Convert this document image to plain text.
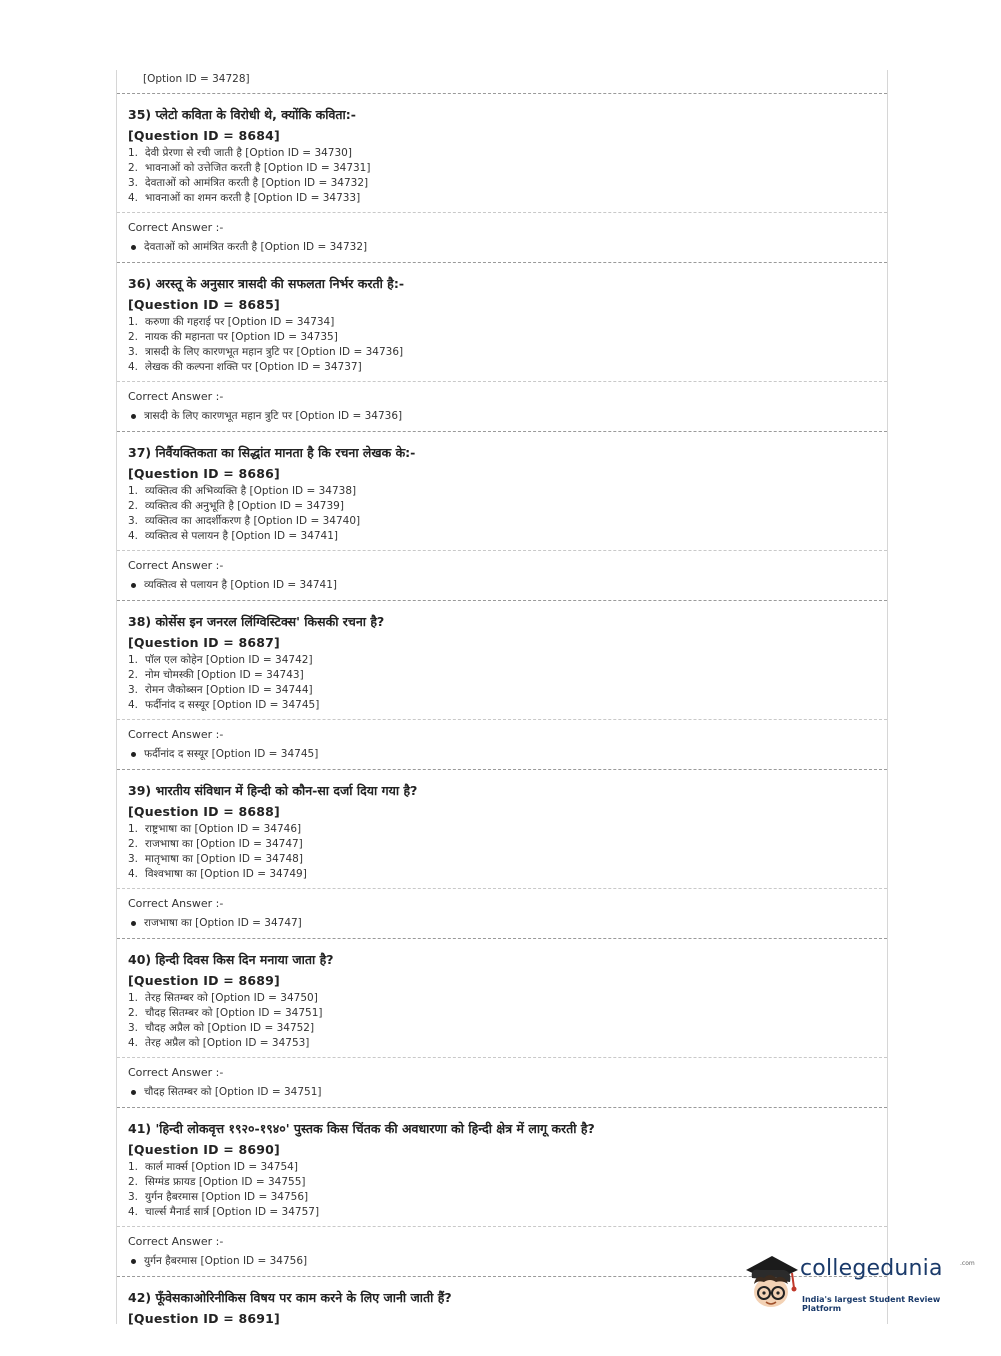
[Option ID = 34728]
35) प्लेटो कविता के विरोधी थे, क्योंकि कविता:-
[Question ID = 8684]
1. देवी प्रेरणा से रची जाती है [Option ID = 34730]
2. भावनाओं को उत्तेजित करती है [Option ID = 34731]
3. देवताओं को आमंत्रित करती है [Option ID = 34732]
4. भावनाओं का शमन करती है [Option ID = 34733]
Correct Answer :-
देवताओं को आमंत्रित करती है [Option ID = 34732]
36) अरस्तू के अनुसार त्रासदी की सफलता निर्भर करती है:-
[Question ID = 8685]
1. करुणा की गहराई पर [Option ID = 34734]
2. नायक की महानता पर [Option ID = 34735]
3. त्रासदी के लिए कारणभूत महान त्रुटि पर [Option ID = 34736]
4. लेखक की कल्पना शक्ति पर [Option ID = 34737]
Correct Answer :-
त्रासदी के लिए कारणभूत महान त्रुटि पर [Option ID = 34736]
37) निर्वैयक्तिकता का सिद्धांत मानता है कि रचना लेखक के:-
[Question ID = 8686]
1. व्यक्तित्व की अभिव्यक्ति है [Option ID = 34738]
2. व्यक्तित्व की अनुभूति है [Option ID = 34739]
3. व्यक्तित्व का आदर्शीकरण है [Option ID = 34740]
4. व्यक्तित्व से पलायन है [Option ID = 34741]
Correct Answer :-
व्यक्तित्व से पलायन है [Option ID = 34741]
38) कोर्सेस इन जनरल लिंग्विस्टिक्स' किसकी रचना है?
[Question ID = 8687]
1. पॉल एल कोहेन [Option ID = 34742]
2. नोम चोमस्की [Option ID = 34743]
3. रोमन जैकोब्सन [Option ID = 34744]
4. फर्दीनांद द सस्यूर [Option ID = 34745]
Correct Answer :-
फर्दीनांद द सस्यूर [Option ID = 34745]
39) भारतीय संविधान में हिन्दी को कौन-सा दर्जा दिया गया है?
[Question ID = 8688]
1. राष्ट्रभाषा का [Option ID = 34746]
2. राजभाषा का [Option ID = 34747]
3. मातृभाषा का [Option ID = 34748]
4. विश्वभाषा का [Option ID = 34749]
Correct Answer :-
राजभाषा का [Option ID = 34747]
40) हिन्दी दिवस किस दिन मनाया जाता है?
[Question ID = 8689]
1. तेरह सितम्बर को [Option ID = 34750]
2. चौदह सितम्बर को [Option ID = 34751]
3. चौदह अप्रैल को [Option ID = 34752]
4. तेरह अप्रैल को [Option ID = 34753]
Correct Answer :-
चौदह सितम्बर को [Option ID = 34751]
41) 'हिन्दी लोकवृत्त १९२०-१९४०' पुस्तक किस चिंतक की अवधारणा को हिन्दी क्षेत्र में लागू करती है?
[Question ID = 8690]
1. कार्ल मार्क्स [Option ID = 34754]
2. सिग्मंड फ्रायड [Option ID = 34755]
3. युर्गन हैबरमास [Option ID = 34756]
4. चार्ल्स मैनार्ड सार्त्र [Option ID = 34757]
Correct Answer :-
युर्गन हैबरमास [Option ID = 34756]
42) फूँवेसकाओरिनीकिस विषय पर काम करने के लिए जानी जाती हैं?
[Question ID = 8691]
collegedunia	.com
India's largest Student Review Platform
